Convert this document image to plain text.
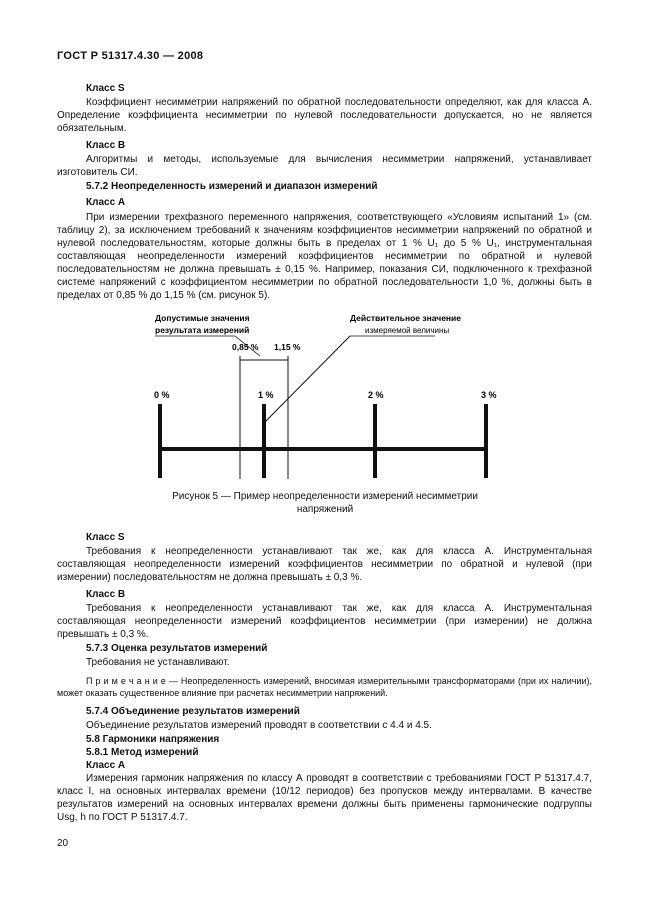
ГОСТ Р 51317.4.30 — 2008
Класс S

Коэффициент несимметрии напряжений по обратной последовательности определяют, как для класса А. Определение коэффициента несимметрии по нулевой последовательности допускается, но не является обязательным.

Класс В

Алгоритмы и методы, используемые для вычисления несимметрии напряжений, устанавливает изготовитель СИ.

5.7.2 Неопределенность измерений и диапазон измерений
Класс А

При измерении трехфазного переменного напряжения, соответствующего «Условиям испытаний 1» (см. таблицу 2), за исключением требований к значениям коэффициентов несимметрии напряжений по обратной и нулевой последовательностям, которые должны быть в пределах от 1 % U₁ до 5 % U₁, инструментальная составляющая неопределенности измерений коэффициентов несимметрии по обратной и нулевой последовательностям не должна превышать ± 0,15 %. Например, показания СИ, подключенного к трехфазной системе напряжений с коэффициентом несимметрии по обратной последовательности 1,0 %, должны быть в пределах от 0,85 % до 1,15 % (см. рисунок 5).

Допустимые значения
результата измерений
Действительное значение
измеряемой величины
0,85 % 1,15 %
0 %	1 %	2 %	3 %
Рисунок 5 — Пример неопределенности измерений несимметрии напряжений
Класс S

Требования к неопределенности устанавливают так же, как для класса А. Инструментальная составляющая неопределенности измерений коэффициентов несимметрии по обратной и нулевой (при измерении) последовательностям не должна превышать ± 0,3 %.

Класс В

Требования к неопределенности устанавливают так же, как для класса А. Инструментальная составляющая неопределенности измерений коэффициентов несимметрии (при измерении) не должна превышать ± 0,3 %.

5.7.3 Оценка результатов измерений
Требования не устанавливают.

П р и м е ч а н и е — Неопределенность измерений, вносимая измерительными трансформаторами (при их наличии), может оказать существенное влияние при расчетах несимметрии напряжений.

5.7.4 Объединение результатов измерений
Объединение результатов измерений проводят в соответствии с 4.4 и 4.5.
5.8 Гармоники напряжения
5.8.1 Метод измерений
Класс А

Измерения гармоник напряжения по классу А проводят в соответствии с требованиями ГОСТ Р 51317.4.7, класс I, на основных интервалах времени (10/12 периодов) без пропусков между интервалами. В качестве результатов измерений на основных интервалах времени должны быть применены гармонические подгруппы Usg, h по ГОСТ Р 51317.4.7.

20
